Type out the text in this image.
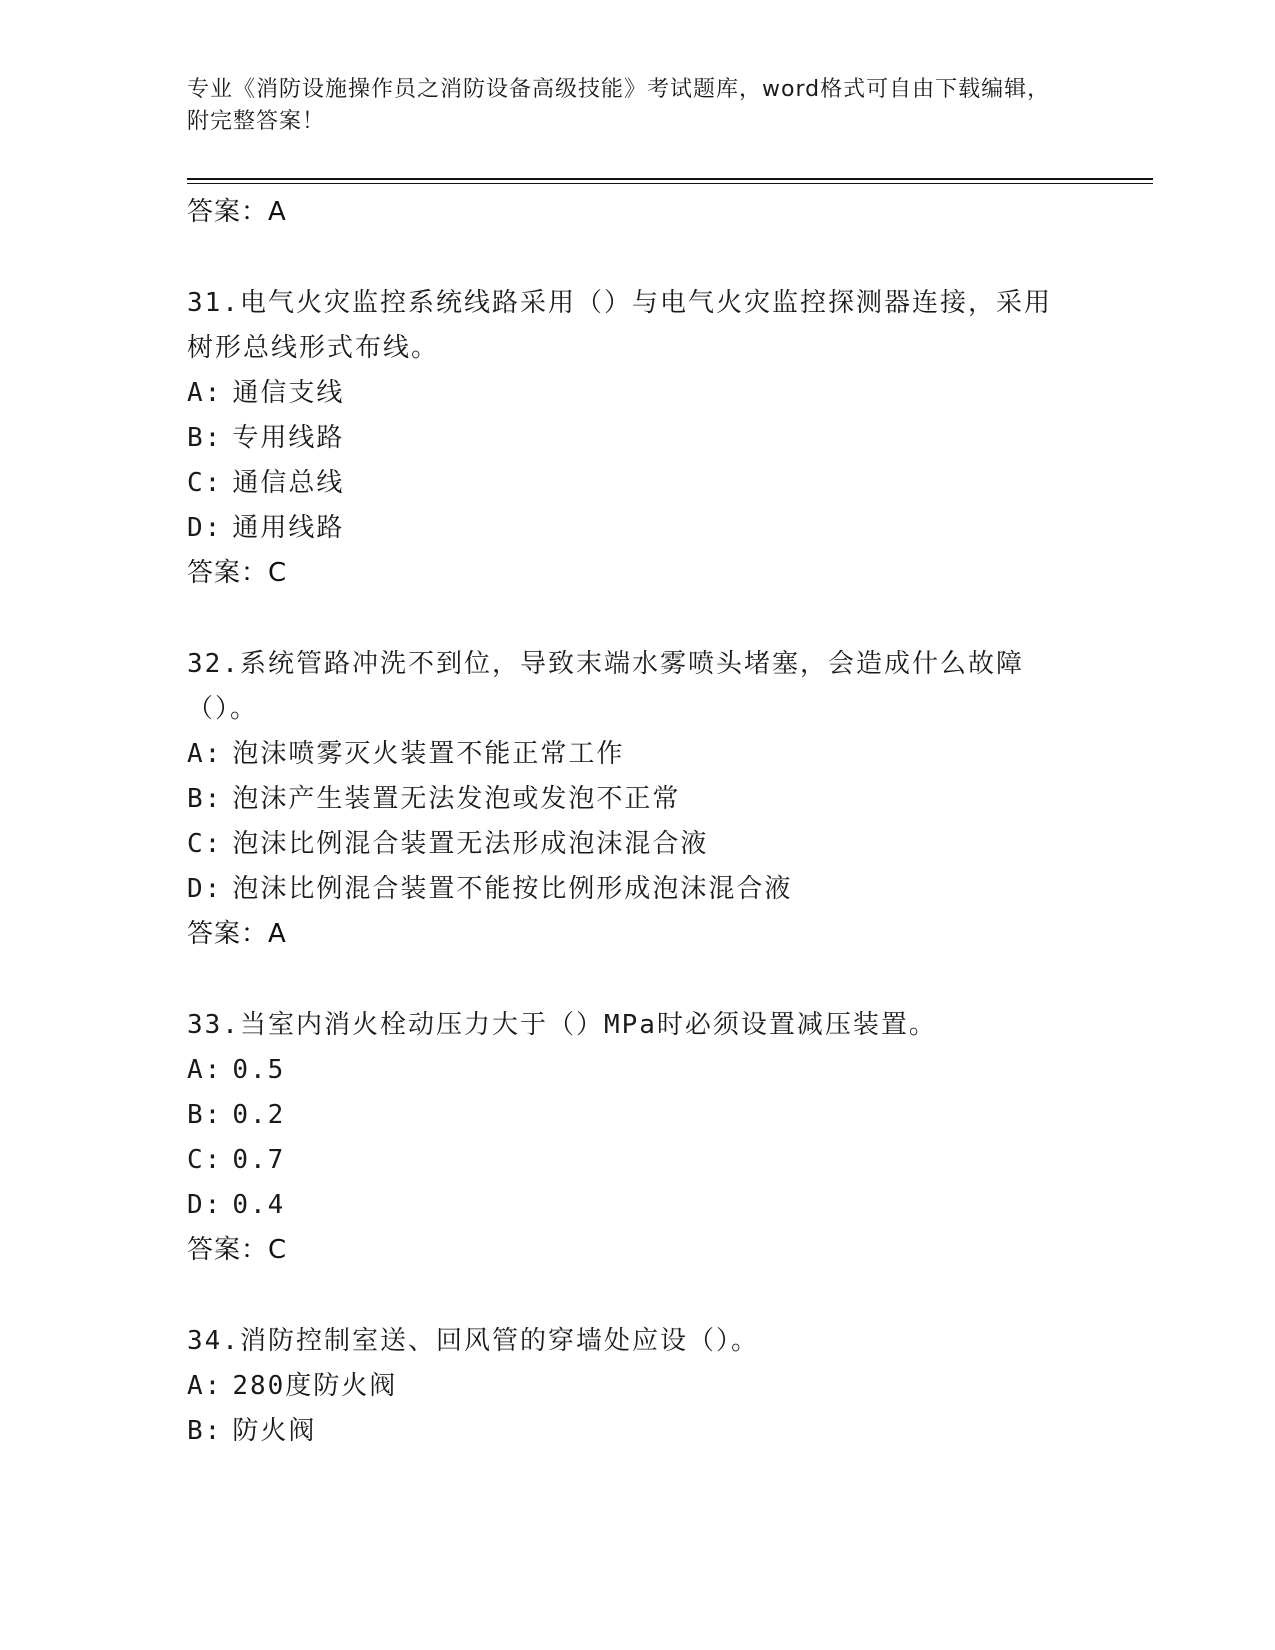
专业《消防设施操作员之消防设备高级技能》考试题库，word格式可自由下载编辑，附完整答案！
答案：A
31.电气火灾监控系统线路采用（）与电气火灾监控探测器连接，采用树形总线形式布线。
A: 通信支线
B: 专用线路
C: 通信总线
D: 通用线路
答案：C
32.系统管路冲洗不到位，导致末端水雾喷头堵塞，会造成什么故障（）。
A: 泡沫喷雾灭火装置不能正常工作
B: 泡沫产生装置无法发泡或发泡不正常
C: 泡沫比例混合装置无法形成泡沫混合液
D: 泡沫比例混合装置不能按比例形成泡沫混合液
答案：A
33.当室内消火栓动压力大于（）MPa时必须设置减压装置。
A: 0.5
B: 0.2
C: 0.7
D: 0.4
答案：C
34.消防控制室送、回风管的穿墙处应设（）。
A: 280度防火阀
B: 防火阀
